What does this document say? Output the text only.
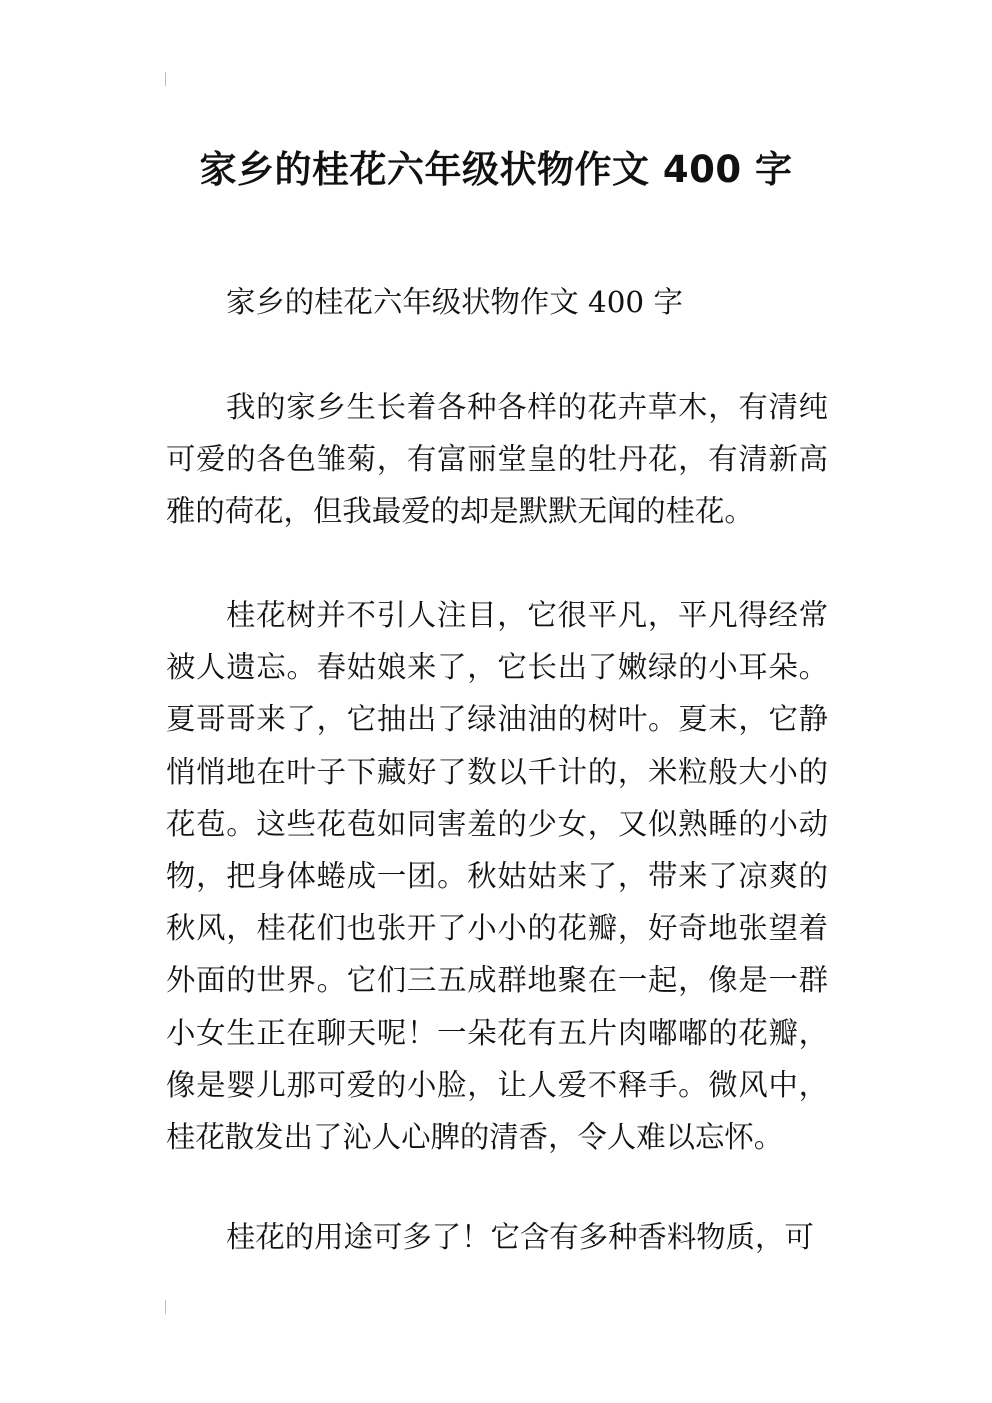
家乡的桂花六年级状物作文 400 字

家乡的桂花六年级状物作文 400 字

我的家乡生长着各种各样的花卉草木，有清纯可爱的各色雏菊，有富丽堂皇的牡丹花，有清新高雅的荷花，但我最爱的却是默默无闻的桂花。

桂花树并不引人注目，它很平凡，平凡得经常被人遗忘。春姑娘来了，它长出了嫩绿的小耳朵。夏哥哥来了，它抽出了绿油油的树叶。夏末，它静悄悄地在叶子下藏好了数以千计的，米粒般大小的花苞。这些花苞如同害羞的少女，又似熟睡的小动物，把身体蜷成一团。秋姑姑来了，带来了凉爽的秋风，桂花们也张开了小小的花瓣，好奇地张望着外面的世界。它们三五成群地聚在一起，像是一群小女生正在聊天呢！一朵花有五片肉嘟嘟的花瓣，像是婴儿那可爱的小脸，让人爱不释手。微风中，桂花散发出了沁人心脾的清香，令人难以忘怀。

桂花的用途可多了！它含有多种香料物质，可
